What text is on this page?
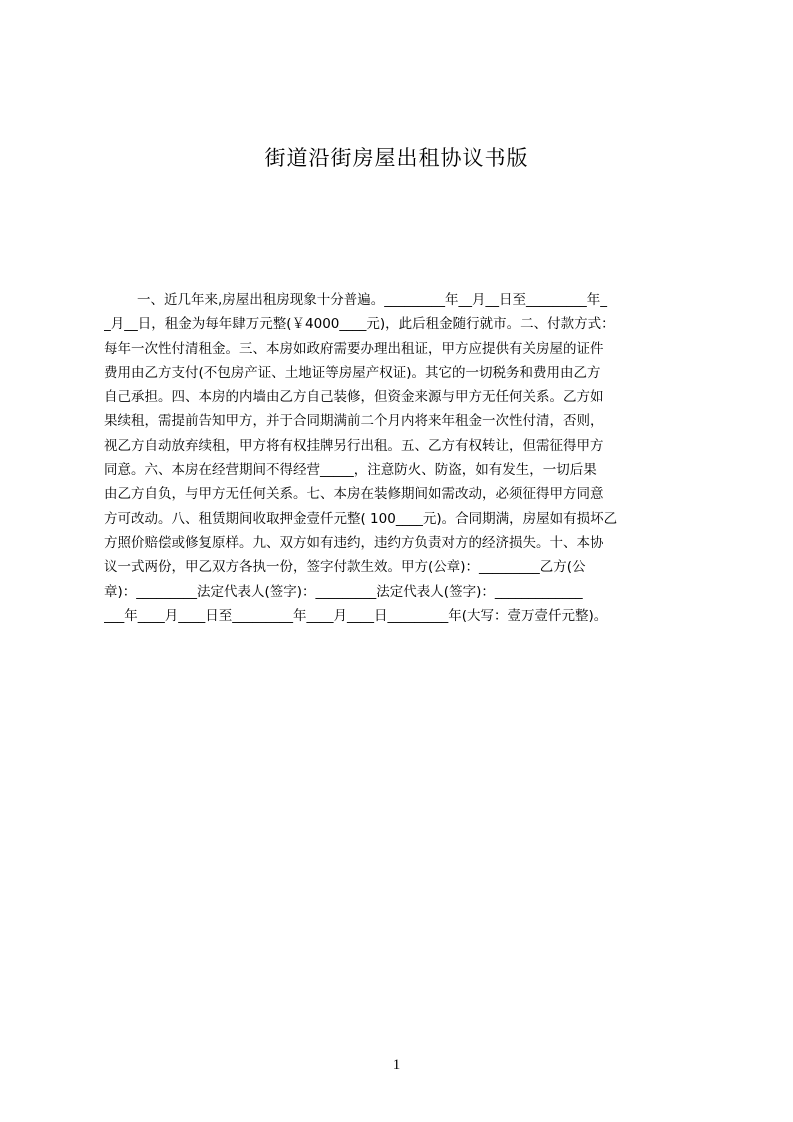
街道沿街房屋出租协议书版
一、近几年来,房屋出租房现象十分普遍。_________年__月__日至_________年_
_月__日，租金为每年肆万元整(￥4000____元)，此后租金随行就市。二、付款方式：
每年一次性付清租金。三、本房如政府需要办理出租证，甲方应提供有关房屋的证件
费用由乙方支付(不包房产证、土地证等房屋产权证)。其它的一切税务和费用由乙方
自己承担。四、本房的内墙由乙方自己装修，但资金来源与甲方无任何关系。乙方如
果续租，需提前告知甲方，并于合同期满前二个月内将来年租金一次性付清，否则，
视乙方自动放弃续租，甲方将有权挂牌另行出租。五、乙方有权转让，但需征得甲方
同意。六、本房在经营期间不得经营_____，注意防火、防盗，如有发生，一切后果
由乙方自负，与甲方无任何关系。七、本房在装修期间如需改动，必须征得甲方同意
方可改动。八、租赁期间收取押金壹仟元整( 100____元)。合同期满，房屋如有损坏乙
方照价赔偿或修复原样。九、双方如有违约，违约方负责对方的经济损失。十、本协
议一式两份，甲乙双方各执一份，签字付款生效。甲方(公章)：_________乙方(公
章)：_________法定代表人(签字)：_________法定代表人(签字)：_____________
___年____月____日至_________年____月____日_________年(大写：壹万壹仟元整)。
1
